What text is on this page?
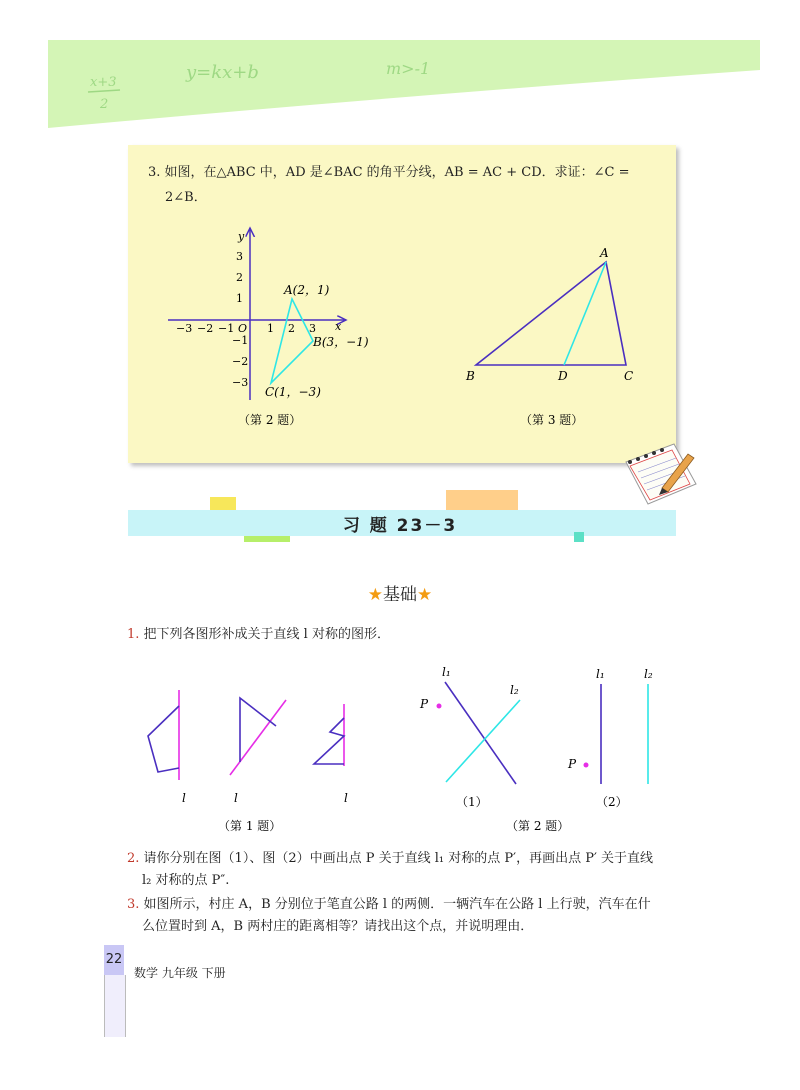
x+3
2
y=kx+b	m>-1
3. 如图，在△ABC 中，AD 是∠BAC 的角平分线，AB = AC + CD．求证：∠C =
2∠B．
y
x
O
3
2
1
−1
−2
−3
−3 −2 −1	1 2 3
A(2，1)
B(3，−1)
C(1，−3)
（第 2 题）
A
B	C
D
（第 3 题）
习 题 23－3
★基础★
1. 把下列各图形补成关于直线 l 对称的图形．
l	l	l
（第 1 题）
l₁
l₂
P
（1）
l₁	l₂
P
（2）
（第 2 题）
2. 请你分别在图（1）、图（2）中画出点 P 关于直线 l₁ 对称的点 P′，再画出点 P′ 关于直线
l₂ 对称的点 P″.
3. 如图所示，村庄 A，B 分别位于笔直公路 l 的两侧．一辆汽车在公路 l 上行驶，汽车在什
么位置时到 A，B 两村庄的距离相等？请找出这个点，并说明理由．
22
数学 九年级 下册
